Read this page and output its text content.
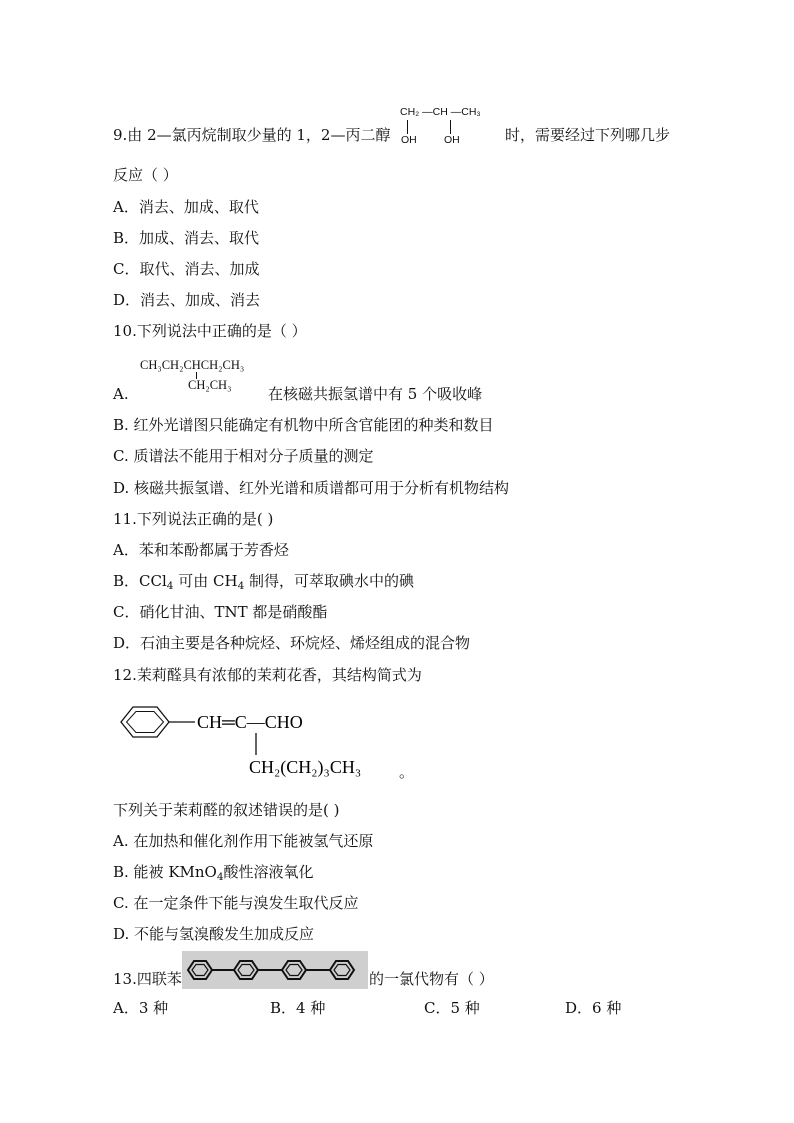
CH₂ —CH —CH₃
OH	OH
9.由 2—氯丙烷制取少量的 1，2—丙二醇	时，需要经过下列哪几步
反应（ ）
A．消去、加成、取代
B．加成、消去、取代
C．取代、消去、加成
D．消去、加成、消去
10.下列说法中正确的是（ ）
CH₃CH₂CHCH₂CH₃
CH₂CH₃
A.	在核磁共振氢谱中有 5 个吸收峰
B. 红外光谱图只能确定有机物中所含官能团的种类和数目
C. 质谱法不能用于相对分子质量的测定
D. 核磁共振氢谱、红外光谱和质谱都可用于分析有机物结构
11.下列说法正确的是( )
A．苯和苯酚都属于芳香烃
B．CCl$_4$ 可由 $CH_4$ 制得，可萃取碘水中的碘
C．硝化甘油、TNT 都是硝酸酯
D．石油主要是各种烷烃、环烷烃、烯烃组成的混合物
12.茉莉醛具有浓郁的茉莉花香，其结构简式为
CH═C—CHO
CH₂(CH₂)₃CH₃	。
下列关于茉莉醛的叙述错误的是( )
A. 在加热和催化剂作用下能被氢气还原
B. 能被 KMnO$_4$酸性溶液氧化
C. 在一定条件下能与溴发生取代反应
D. 不能与氢溴酸发生加成反应
13.四联苯	的一氯代物有（ ）
A．3 种	B．4 种	C．5 种	D．6 种
